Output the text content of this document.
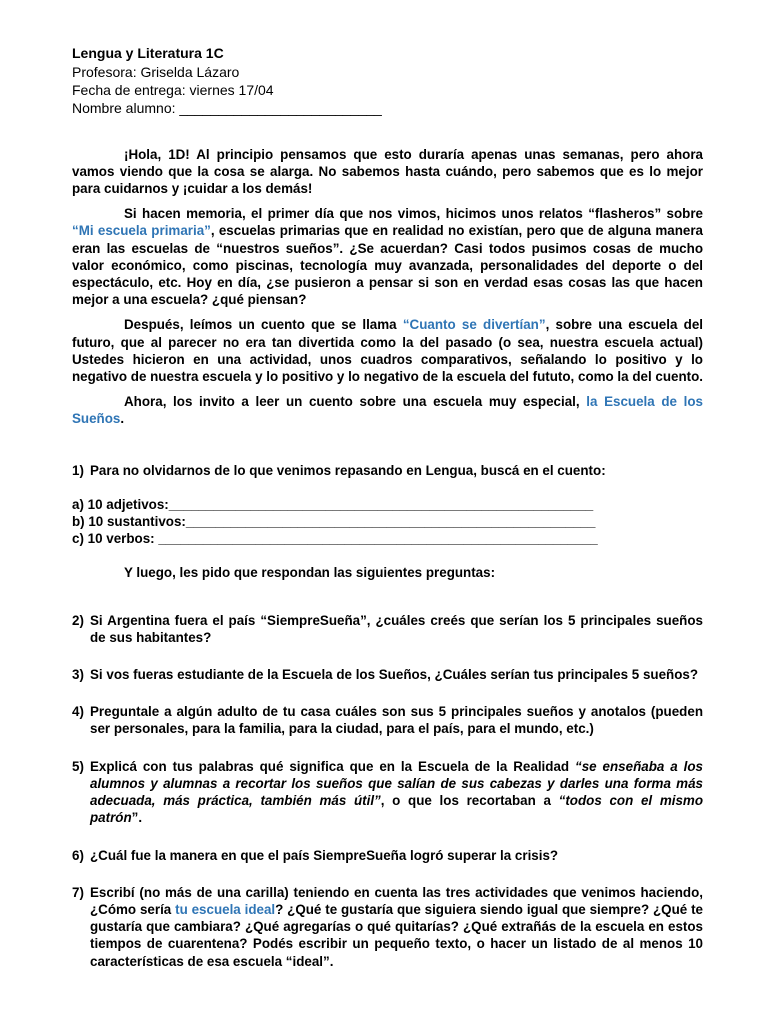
Lengua y Literatura 1C
Profesora: Griselda Lázaro
Fecha de entrega: viernes 17/04
Nombre alumno: __________________________

¡Hola, 1D! Al principio pensamos que esto duraría apenas unas semanas, pero ahora vamos viendo que la cosa se alarga. No sabemos hasta cuándo, pero sabemos que es lo mejor para cuidarnos y ¡cuidar a los demás!

Si hacen memoria, el primer día que nos vimos, hicimos unos relatos “flasheros” sobre “Mi escuela primaria”, escuelas primarias que en realidad no existían, pero que de alguna manera eran las escuelas de “nuestros sueños”. ¿Se acuerdan? Casi todos pusimos cosas de mucho valor económico, como piscinas, tecnología muy avanzada, personalidades del deporte o del espectáculo, etc. Hoy en día, ¿se pusieron a pensar si son en verdad esas cosas las que hacen mejor a una escuela? ¿qué piensan?

Después, leímos un cuento que se llama “Cuanto se divertían”, sobre una escuela del futuro, que al parecer no era tan divertida como la del pasado (o sea, nuestra escuela actual) Ustedes hicieron en una actividad, unos cuadros comparativos, señalando lo positivo y lo negativo de nuestra escuela y lo positivo y lo negativo de la escuela del fututo, como la del cuento.

Ahora, los invito a leer un cuento sobre una escuela muy especial, la Escuela de los Sueños.

1) Para no olvidarnos de lo que venimos repasando en Lengua, buscá en el cuento:
a) 10 adjetivos:_________________________________________________________
b) 10 sustantivos:_______________________________________________________
c) 10 verbos: ___________________________________________________________

Y luego, les pido que respondan las siguientes preguntas:

2) Si Argentina fuera el país “SiempreSueña”, ¿cuáles creés que serían los 5 principales sueños de sus habitantes?
3) Si vos fueras estudiante de la Escuela de los Sueños, ¿Cuáles serían tus principales 5 sueños?
4) Preguntale a algún adulto de tu casa cuáles son sus 5 principales sueños y anotalos (pueden ser personales, para la familia, para la ciudad, para el país, para el mundo, etc.)
5) Explicá con tus palabras qué significa que en la Escuela de la Realidad “se enseñaba a los alumnos y alumnas a recortar los sueños que salían de sus cabezas y darles una forma más adecuada, más práctica, también más útil”, o que los recortaban a “todos con el mismo patrón”.
6) ¿Cuál fue la manera en que el país SiempreSueña logró superar la crisis?
7) Escribí (no más de una carilla) teniendo en cuenta las tres actividades que venimos haciendo, ¿Cómo sería tu escuela ideal? ¿Qué te gustaría que siguiera siendo igual que siempre? ¿Qué te gustaría que cambiara? ¿Qué agregarías o qué quitarías? ¿Qué extrañás de la escuela en estos tiempos de cuarentena? Podés escribir un pequeño texto, o hacer un listado de al menos 10 características de esa escuela “ideal”.
